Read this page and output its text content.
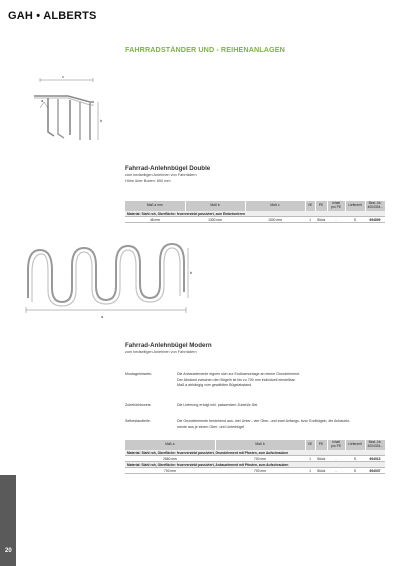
GAH • ALBERTS
FAHRRADSTÄNDER UND - REIHENANLAGEN
c
b
a
Fahrrad-Anlehnbügel Double
zum bedseitigen Anlehnen von Fahrrädern
Höhe über Boden: 800 mm
Maß a mm	Maß b	Maß c	VE	PE	Inhalt pro PE	Lieferzeit	Best.-Nr. 4004334...
Material: Stahl roh, Oberfläche: feuerverzinkt passiviert, zum Einbetonieren							
48 mm	1300 mm	1000 mm	1	Stück	-	S	694899
a
b
Fahrrad-Anlehnbügel Modern
zum bedseitigen Anlehnen von Fahrrädern
Montagehinweis:	Die Anbauelemente eignen sich zur Endlosmontage an einem Grundelement.
Der Abstand zwischen den Bügeln ist bis zu 700 mm individuell einstellbar.
Maß a abhängig vom gewählten Bügelabstand.
Zubehörhinweis:	Die Lieferung erfolgt inkl. passendem Zubehör-Set.
Setbestandteile:	Die Grundelemente bestehend aus: drei Unter-, vier Ober- und zwei Anfangs- bzw. Endbügeln, die Anbauele-
mente aus je einem Ober- und Unterbügel
Maß a	Maß b	VE	PE	Inhalt pro PE	Lieferzeit	Best.-Nr. 4004334...
Material: Stahl roh, Oberfläche: feuerverzinkt passiviert, Grundelement mit Pfosten, zum Aufschrauben						
2660 mm	700 mm	1	Stück	-	S	694913
Material: Stahl roh, Oberfläche: feuerverzinkt passiviert, Anbauelement mit Pfosten, zum Aufschrauben						
700 mm	700 mm	1	Stück	-	S	694937
20
